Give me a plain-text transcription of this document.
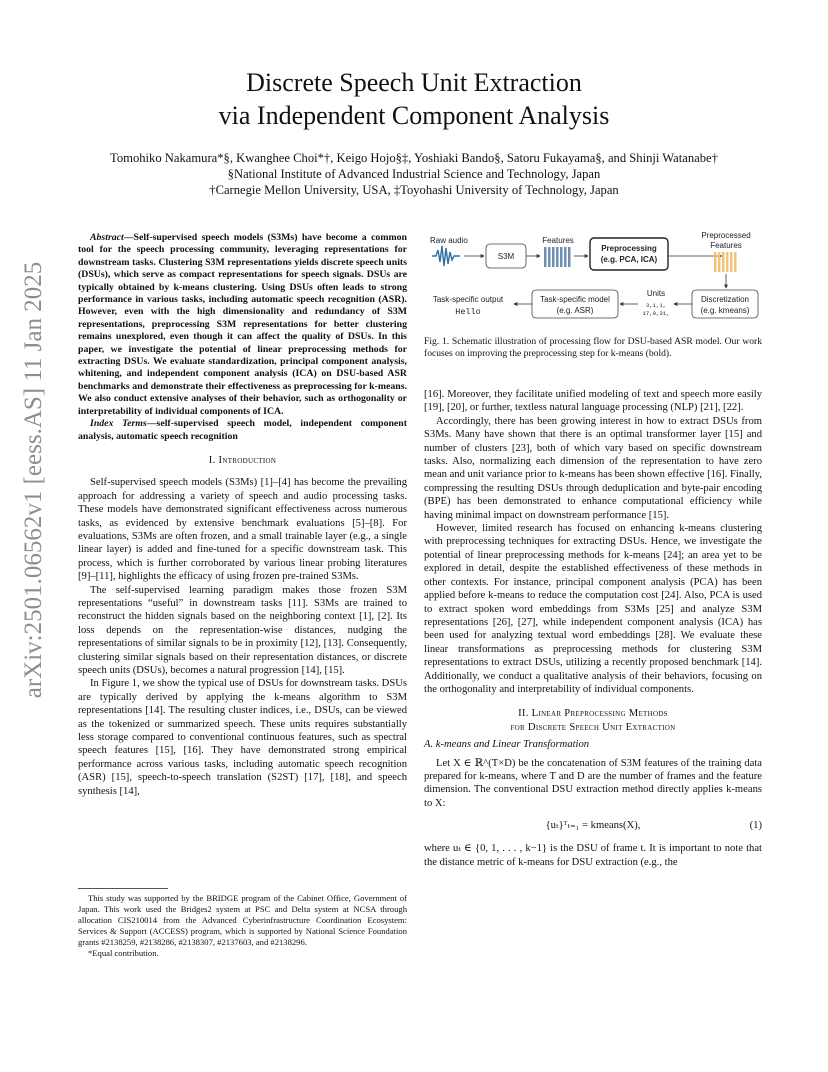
arXiv:2501.06562v1 [eess.AS] 11 Jan 2025
Discrete Speech Unit Extraction
via Independent Component Analysis
Tomohiko Nakamura*§, Kwanghee Choi*†, Keigo Hojo§‡, Yoshiaki Bando§, Satoru Fukayama§, and Shinji Watanabe†
§National Institute of Advanced Industrial Science and Technology, Japan
†Carnegie Mellon University, USA, ‡Toyohashi University of Technology, Japan

Abstract—Self-supervised speech models (S3Ms) have become a common tool for the speech processing community, leveraging representations for downstream tasks. Clustering S3M representations yields discrete speech units (DSUs), which serve as compact representations for speech signals. DSUs are typically obtained by k-means clustering. Using DSUs often leads to strong performance in various tasks, including automatic speech recognition (ASR). However, even with the high dimensionality and redundancy of S3M representations, preprocessing S3M representations for better clustering remains unexplored, even though it can affect the quality of DSUs. In this paper, we investigate the potential of linear preprocessing methods for extracting DSUs. We evaluate standardization, principal component analysis, whitening, and independent component analysis (ICA) on DSU-based ASR benchmarks and demonstrate their effectiveness as preprocessing for k-means. We also conduct extensive analyses of their behavior, such as orthogonality or interpretability of individual components of ICA.

Index Terms—self-supervised speech model, independent component analysis, automatic speech recognition

I. Introduction

Self-supervised speech models (S3Ms) [1]–[4] has become the prevailing approach for addressing a variety of speech and audio processing tasks. These models have demonstrated significant effectiveness across numerous tasks, as evidenced by extensive benchmark evaluations [5]–[8]. For evaluations, S3Ms are often frozen, and a small trainable layer (e.g., a single linear layer) is added and fine-tuned for a specific downstream task. This process, which is further corroborated by various linear probing literatures [9]–[11], highlights the efficacy of using frozen pre-trained S3Ms.

The self-supervised learning paradigm makes those frozen S3M representations “useful” in downstream tasks [11]. S3Ms are trained to reconstruct the hidden signals based on the neighboring context [1], [2]. Its loss depends on the representation-wise distances, nudging the representations of similar signals to be in proximity [12], [13]. Consequently, clustering similar signals based on their representation distances, or discrete speech units (DSUs), becomes a natural progression [14], [15].

In Figure 1, we show the typical use of DSUs for downstream tasks. DSUs are typically derived by applying the k-means algorithm to S3M representations [14]. The resulting cluster indices, i.e., DSUs, can be viewed as the tokenized or summarized speech. These units requires substantially less storage compared to conventional continuous features, such as spectral speech features [15], [16]. They have demonstrated strong empirical performance across various tasks, including automatic speech recognition (ASR) [15], speech-to-speech translation (S2ST) [17], [18], and speech synthesis [14],

This study was supported by the BRIDGE program of the Cabinet Office, Government of Japan. This work used the Bridges2 system at PSC and Delta system at NCSA through allocation CIS210014 from the Advanced Cyberinfrastructure Coordination Ecosystem: Services & Support (ACCESS) program, which is supported by National Science Foundation grants #2138259, #2138286, #2138307, #2137603, and #2138296.

*Equal contribution.

Raw audio
S3M
Features
Preprocessing
(e.g. PCA, ICA)
Preprocessed
Features
Discretization
(e.g. kmeans)
Units
3,1,1,
17,9,31,
Task-specific model
(e.g. ASR)
Task-specific output
Hello
Fig. 1. Schematic illustration of processing flow for DSU-based ASR model. Our work focuses on improving the preprocessing step for k-means (bold).

[16]. Moreover, they facilitate unified modeling of text and speech more easily [19], [20], or further, textless natural language processing (NLP) [21], [22].

Accordingly, there has been growing interest in how to extract DSUs from S3Ms. Many have shown that there is an optimal transformer layer [15] and number of clusters [23], both of which vary based on specific downstream tasks. Also, normalizing each dimension of the representation to have zero mean and unit variance prior to k-means has been shown effective [16]. Finally, compressing the resulting DSUs through deduplication and byte-pair encoding (BPE) has been demonstrated to enhance computational efficiency while having minimal impact on downstream performance [15].

However, limited research has focused on enhancing k-means clustering with preprocessing techniques for extracting DSUs. Hence, we investigate the potential of linear preprocessing methods for k-means [24]; an area yet to be explored in detail, despite the established effectiveness of these methods in other contexts. For instance, principal component analysis (PCA) has been applied before k-means to reduce the computation cost [24]. Also, PCA is used to extract spoken word embeddings from S3Ms [25] and analyze S3M representations [26], [27], while independent component analysis (ICA) has been used for analyzing textual word embeddings [28]. We evaluate these linear transformations as preprocessing methods for clustering S3M representations to extract DSUs, utilizing a recently proposed benchmark [14]. Additionally, we conduct a qualitative analysis of their behaviors, focusing on the orthogonality and interpretability of individual components.

II. Linear Preprocessing Methods
for Discrete Speech Unit Extraction
A. k-means and Linear Transformation

Let X ∈ ℝ^(T×D) be the concatenation of S3M features of the training data prepared for k-means, where T and D are the number of frames and the feature dimension. The conventional DSU extraction method directly applies k-means to X:

{uₜ}ᵀₜ₌₁ = kmeans(X),	(1)

where uₜ ∈ {0, 1, . . . , k−1} is the DSU of frame t. It is important to note that the distance metric of k-means for DSU extraction (e.g., the
